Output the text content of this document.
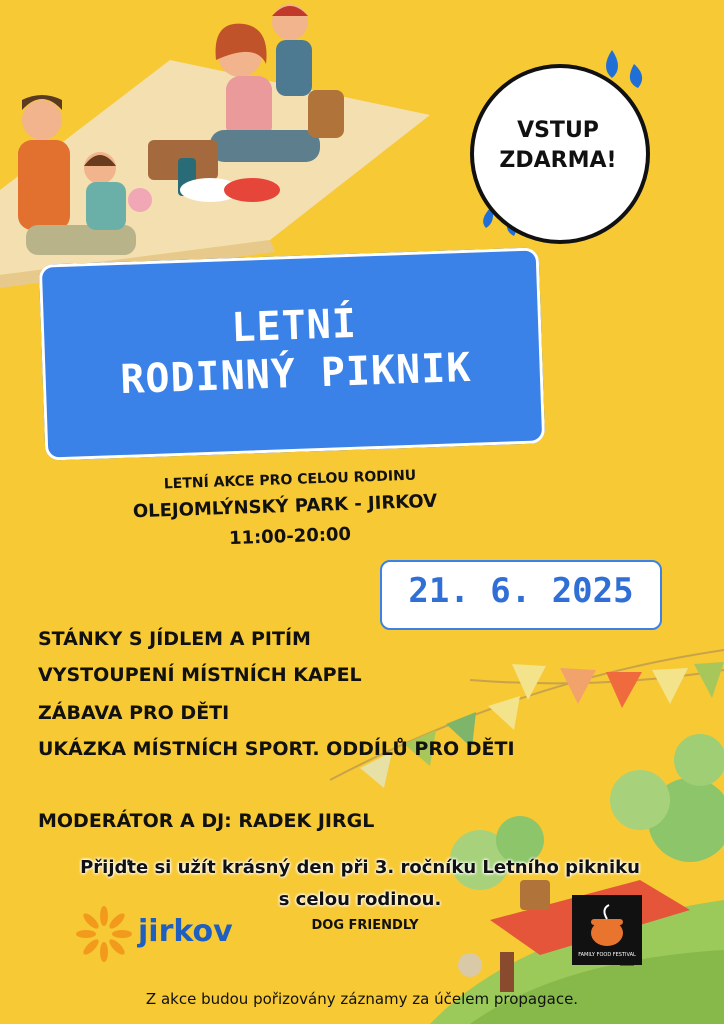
VSTUP
ZDARMA!
LETNÍ
RODINNÝ PIKNIK
LETNÍ AKCE PRO CELOU RODINU
OLEJOMLÝNSKÝ PARK - JIRKOV
11:00-20:00
21. 6. 2025
STÁNKY S JÍDLEM A PITÍM
VYSTOUPENÍ MÍSTNÍCH KAPEL
ZÁBAVA PRO DĚTI
UKÁZKA MÍSTNÍCH SPORT. ODDÍLŮ PRO DĚTI
MODERÁTOR A DJ: RADEK JIRGL
Přijďte si užít krásný den při 3. ročníku Letního pikniku
s celou rodinou.
DOG FRIENDLY
jirkov
FAMILY FOOD FESTIVAL
Z akce budou pořizovány záznamy za účelem propagace.
